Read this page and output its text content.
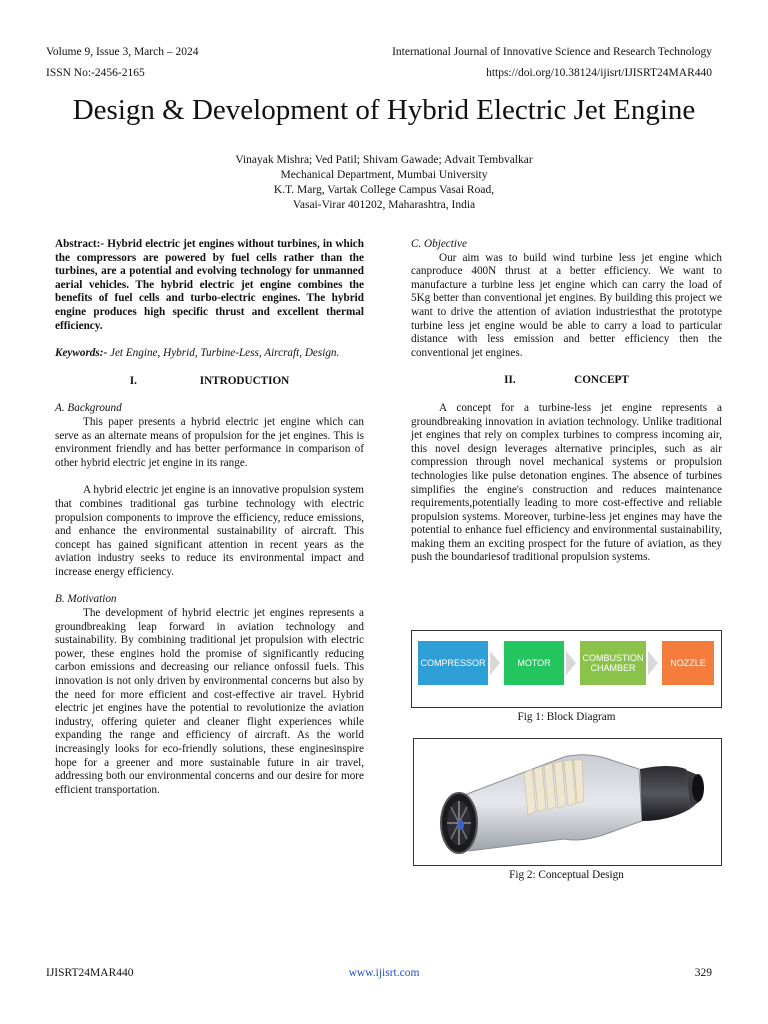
Volume 9, Issue 3, March – 2024
ISSN No:-2456-2165
International Journal of Innovative Science and Research Technology
https://doi.org/10.38124/ijisrt/IJISRT24MAR440
Design & Development of Hybrid Electric Jet Engine
Vinayak Mishra; Ved Patil; Shivam Gawade; Advait Tembvalkar
Mechanical Department, Mumbai University
K.T. Marg, Vartak College Campus Vasai Road,
Vasai-Virar 401202, Maharashtra, India

Abstract:- Hybrid electric jet engines without turbines, in which the compressors are powered by fuel cells rather than the turbines, are a potential and evolving technology for unmanned aerial vehicles. The hybrid electric jet engine combines the benefits of fuel cells and turbo-electric engines. The hybrid engine produces high specific thrust and excellent thermal efficiency.

Keywords:- Jet Engine, Hybrid, Turbine-Less, Aircraft, Design.

I.	INTRODUCTION

A. Background

This paper presents a hybrid electric jet engine which can serve as an alternate means of propulsion for the jet engines. This is environment friendly and has better performance in comparison of other hybrid electric jet engine in its range.

A hybrid electric jet engine is an innovative propulsion system that combines traditional gas turbine technology with electric propulsion components to improve the efficiency, reduce emissions, and enhance the environmental sustainability of aircraft. This concept has gained significant attention in recent years as the aviation industry seeks to reduce its environmental impact and increase energy efficiency.

B. Motivation

The development of hybrid electric jet engines represents a groundbreaking leap forward in aviation technology and sustainability. By combining traditional jet propulsion with electric power, these engines hold the promise of significantly reducing carbon emissions and decreasing our reliance onfossil fuels. This innovation is not only driven by environmental concerns but also by the need for more efficient and cost-effective air travel. Hybrid electric jet engines have the potential to revolutionize the aviation industry, offering quieter and cleaner flight experiences while expanding the range and efficiency of aircraft. As the world increasingly looks for eco-friendly solutions, these enginesinspire hope for a greener and more sustainable future in air travel, addressing both our environmental concerns and our desire for more efficient transportation.

C. Objective

Our aim was to build wind turbine less jet engine which canproduce 400N thrust at a better efficiency. We want to manufacture a turbine less jet engine which can carry the load of 5Kg better than conventional jet engines. By building this project we want to drive the attention of aviation industriesthat the prototype turbine less jet engine would be able to carry a load to particular distance with less emission and better efficiency then the conventional jet engines.

II.	CONCEPT

A concept for a turbine-less jet engine represents a groundbreaking innovation in aviation technology. Unlike traditional jet engines that rely on complex turbines to compress incoming air, this novel design leverages alternative principles, such as air compression through novel mechanical systems or propulsion technologies like pulse detonation engines. The absence of turbines simplifies the engine's construction and reduces maintenance requirements,potentially leading to more cost-effective and reliable propulsion systems. Moreover, turbine-less jet engines may have the potential to enhance fuel efficiency and environmental sustainability, making them an exciting prospect for the future of aviation, as they push the boundariesof traditional propulsion systems.

COMPRESSOR	MOTOR	COMBUSTION CHAMBER	NOZZLE
Fig 1: Block Diagram
Fig 2: Conceptual Design
IJISRT24MAR440	www.ijisrt.com	329
